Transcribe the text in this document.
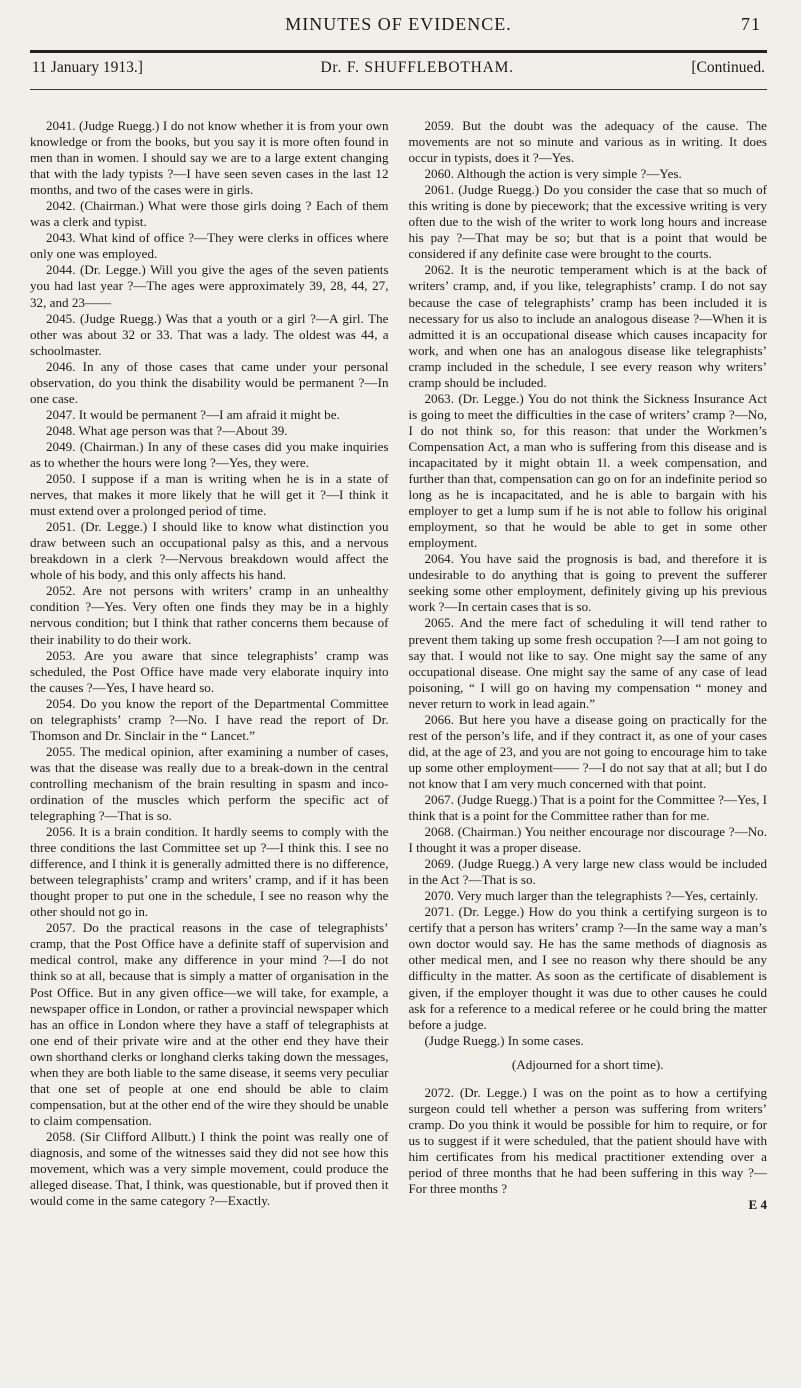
MINUTES OF EVIDENCE.	71
11 January 1913.]	Dr. F. SHUFFLEBOTHAM.	[Continued.

2041. (Judge Ruegg.) I do not know whether it is from your own knowledge or from the books, but you say it is more often found in men than in women. I should say we are to a large extent changing that with the lady typists ?—I have seen seven cases in the last 12 months, and two of the cases were in girls.

2042. (Chairman.) What were those girls doing ? Each of them was a clerk and typist.

2043. What kind of office ?—They were clerks in offices where only one was employed.

2044. (Dr. Legge.) Will you give the ages of the seven patients you had last year ?—The ages were approximately 39, 28, 44, 27, 32, and 23——

2045. (Judge Ruegg.) Was that a youth or a girl ?—A girl. The other was about 32 or 33. That was a lady. The oldest was 44, a schoolmaster.

2046. In any of those cases that came under your personal observation, do you think the disability would be permanent ?—In one case.

2047. It would be permanent ?—I am afraid it might be.

2048. What age person was that ?—About 39.

2049. (Chairman.) In any of these cases did you make inquiries as to whether the hours were long ?—Yes, they were.

2050. I suppose if a man is writing when he is in a state of nerves, that makes it more likely that he will get it ?—I think it must extend over a prolonged period of time.

2051. (Dr. Legge.) I should like to know what distinction you draw between such an occupational palsy as this, and a nervous breakdown in a clerk ?—Nervous breakdown would affect the whole of his body, and this only affects his hand.

2052. Are not persons with writers’ cramp in an unhealthy condition ?—Yes. Very often one finds they may be in a highly nervous condition; but I think that rather concerns them because of their inability to do their work.

2053. Are you aware that since telegraphists’ cramp was scheduled, the Post Office have made very elaborate inquiry into the causes ?—Yes, I have heard so.

2054. Do you know the report of the Departmental Committee on telegraphists’ cramp ?—No. I have read the report of Dr. Thomson and Dr. Sinclair in the “ Lancet.”

2055. The medical opinion, after examining a number of cases, was that the disease was really due to a break-down in the central controlling mechanism of the brain resulting in spasm and inco-ordination of the muscles which perform the specific act of telegraphing ?—That is so.

2056. It is a brain condition. It hardly seems to comply with the three conditions the last Committee set up ?—I think this. I see no difference, and I think it is generally admitted there is no difference, between telegraphists’ cramp and writers’ cramp, and if it has been thought proper to put one in the schedule, I see no reason why the other should not go in.

2057. Do the practical reasons in the case of telegraphists’ cramp, that the Post Office have a definite staff of supervision and medical control, make any difference in your mind ?—I do not think so at all, because that is simply a matter of organisation in the Post Office. But in any given office—we will take, for example, a newspaper office in London, or rather a provincial newspaper which has an office in London where they have a staff of telegraphists at one end of their private wire and at the other end they have their own shorthand clerks or longhand clerks taking down the messages, when they are both liable to the same disease, it seems very peculiar that one set of people at one end should be able to claim compensation, but at the other end of the wire they should be unable to claim compensation.

2058. (Sir Clifford Allbutt.) I think the point was really one of diagnosis, and some of the witnesses said they did not see how this movement, which was a very simple movement, could produce the alleged disease. That, I think, was questionable, but if proved then it would come in the same category ?—Exactly.

2059. But the doubt was the adequacy of the cause. The movements are not so minute and various as in writing. It does occur in typists, does it ?—Yes.

2060. Although the action is very simple ?—Yes.

2061. (Judge Ruegg.) Do you consider the case that so much of this writing is done by piecework; that the excessive writing is very often due to the wish of the writer to work long hours and increase his pay ?—That may be so; but that is a point that would be considered if any definite case were brought to the courts.

2062. It is the neurotic temperament which is at the back of writers’ cramp, and, if you like, telegraphists’ cramp. I do not say because the case of telegraphists’ cramp has been included it is necessary for us also to include an analogous disease ?—When it is admitted it is an occupational disease which causes incapacity for work, and when one has an analogous disease like telegraphists’ cramp included in the schedule, I see every reason why writers’ cramp should be included.

2063. (Dr. Legge.) You do not think the Sickness Insurance Act is going to meet the difficulties in the case of writers’ cramp ?—No, I do not think so, for this reason: that under the Workmen’s Compensation Act, a man who is suffering from this disease and is incapacitated by it might obtain 1l. a week compensation, and further than that, compensation can go on for an indefinite period so long as he is incapacitated, and he is able to bargain with his employer to get a lump sum if he is not able to follow his original employment, so that he would be able to get in some other employment.

2064. You have said the prognosis is bad, and therefore it is undesirable to do anything that is going to prevent the sufferer seeking some other employment, definitely giving up his previous work ?—In certain cases that is so.

2065. And the mere fact of scheduling it will tend rather to prevent them taking up some fresh occupation ?—I am not going to say that. I would not like to say. One might say the same of any occupational disease. One might say the same of any case of lead poisoning, “ I will go on having my compensation “ money and never return to work in lead again.”

2066. But here you have a disease going on practically for the rest of the person’s life, and if they contract it, as one of your cases did, at the age of 23, and you are not going to encourage him to take up some other employment—— ?—I do not say that at all; but I do not know that I am very much concerned with that point.

2067. (Judge Ruegg.) That is a point for the Committee ?—Yes, I think that is a point for the Committee rather than for me.

2068. (Chairman.) You neither encourage nor discourage ?—No. I thought it was a proper disease.

2069. (Judge Ruegg.) A very large new class would be included in the Act ?—That is so.

2070. Very much larger than the telegraphists ?—Yes, certainly.

2071. (Dr. Legge.) How do you think a certifying surgeon is to certify that a person has writers’ cramp ?—In the same way a man’s own doctor would say. He has the same methods of diagnosis as other medical men, and I see no reason why there should be any difficulty in the matter. As soon as the certificate of disablement is given, if the employer thought it was due to other causes he could ask for a reference to a medical referee or he could bring the matter before a judge.

(Judge Ruegg.) In some cases.

(Adjourned for a short time).

2072. (Dr. Legge.) I was on the point as to how a certifying surgeon could tell whether a person was suffering from writers’ cramp. Do you think it would be possible for him to require, or for us to suggest if it were scheduled, that the patient should have with him certificates from his medical practitioner extending over a period of three months that he had been suffering in this way ?—For three months ?

E 4
